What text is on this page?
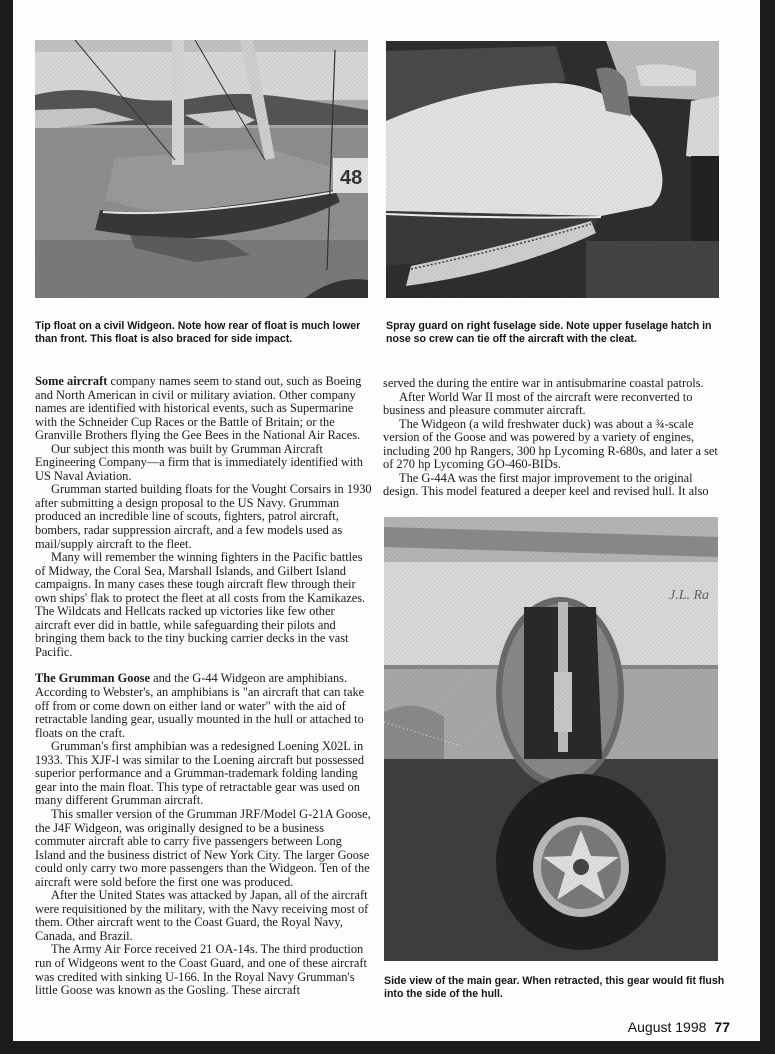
Tip float on a civil Widgeon. Note how rear of float is much lower than front. This float is also braced for side impact.
Spray guard on right fuselage side. Note upper fuselage hatch in nose so crew can tie off the aircraft with the cleat.

Some aircraft company names seem to stand out, such as Boeing and North American in civil or military aviation. Other company names are identified with historical events, such as Supermarine with the Schneider Cup Races or the Battle of Britain; or the Granville Brothers flying the Gee Bees in the National Air Races.

Our subject this month was built by Grumman Aircraft Engineering Company—a firm that is immediately identified with US Naval Aviation.

Grumman started building floats for the Vought Corsairs in 1930 after submitting a design proposal to the US Navy. Grumman produced an incredible line of scouts, fighters, patrol aircraft, bombers, radar suppression aircraft, and a few models used as mail/supply aircraft to the fleet.

Many will remember the winning fighters in the Pacific battles of Midway, the Coral Sea, Marshall Islands, and Gilbert Island campaigns. In many cases these tough aircraft flew through their own ships' flak to protect the fleet at all costs from the Kamikazes. The Wildcats and Hellcats racked up victories like few other aircraft ever did in battle, while safeguarding their pilots and bringing them back to the tiny bucking carrier decks in the vast Pacific.

The Grumman Goose and the G-44 Widgeon are amphibians. According to Webster's, an amphibians is "an aircraft that can take off from or come down on either land or water" with the aid of retractable landing gear, usually mounted in the hull or attached to floats on the craft.

Grumman's first amphibian was a redesigned Loening X02L in 1933. This XJF-l was similar to the Loening aircraft but possessed superior performance and a Grumman-trademark folding landing gear into the main float. This type of retractable gear was used on many different Grumman aircraft.

This smaller version of the Grumman JRF/Model G-21A Goose, the J4F Widgeon, was originally designed to be a business commuter aircraft able to carry five passengers between Long Island and the business district of New York City. The larger Goose could only carry two more passengers than the Widgeon. Ten of the aircraft were sold before the first one was produced.

After the United States was attacked by Japan, all of the aircraft were requisitioned by the military, with the Navy receiving most of them. Other aircraft went to the Coast Guard, the Royal Navy, Canada, and Brazil.

The Army Air Force received 21 OA-14s. The third production run of Widgeons went to the Coast Guard, and one of these aircraft was credited with sinking U-166. In the Royal Navy Grumman's little Goose was known as the Gosling. These aircraft

served the during the entire war in antisubmarine coastal patrols.

After World War II most of the aircraft were reconverted to business and pleasure commuter aircraft.

The Widgeon (a wild freshwater duck) was about a ¾-scale version of the Goose and was powered by a variety of engines, including 200 hp Rangers, 300 hp Lycoming R-680s, and later a set of 270 hp Lycoming GO-460-BIDs.

The G-44A was the first major improvement to the original design. This model featured a deeper keel and revised hull. It also

Side view of the main gear. When retracted, this gear would fit flush into the side of the hull.
August 1998 77
